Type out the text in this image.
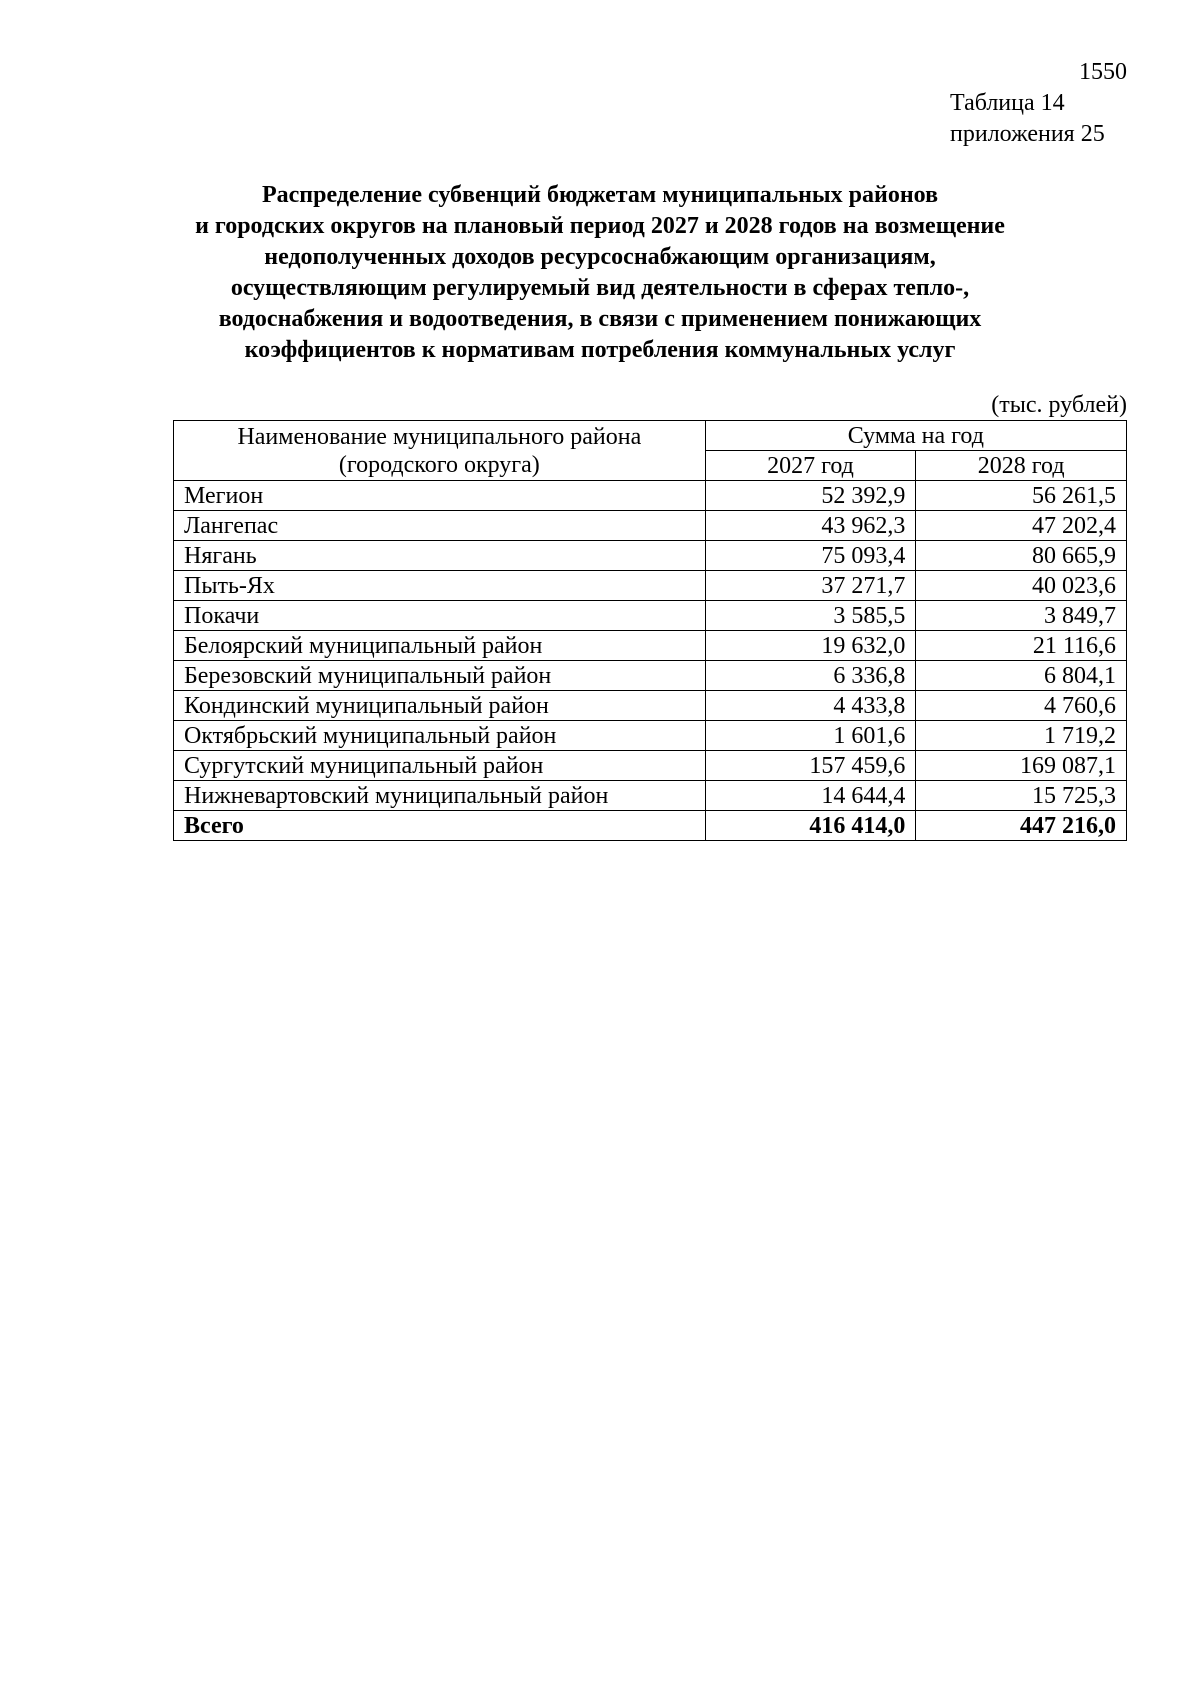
1550
Таблица 14
приложения 25
Распределение субвенций бюджетам муниципальных районов
и городских округов на плановый период 2027 и 2028 годов на возмещение
недополученных доходов ресурсоснабжающим организациям,
осуществляющим регулируемый вид деятельности в сферах тепло-,
водоснабжения и водоотведения, в связи с применением понижающих
коэффициентов к нормативам потребления коммунальных услуг
(тыс. рублей)
Наименование муниципального района
(городского округа)	Сумма на год	
	2027 год	2028 год
Мегион	52 392,9	56 261,5
Лангепас	43 962,3	47 202,4
Нягань	75 093,4	80 665,9
Пыть-Ях	37 271,7	40 023,6
Покачи	3 585,5	3 849,7
Белоярский муниципальный район	19 632,0	21 116,6
Березовский муниципальный район	6 336,8	6 804,1
Кондинский муниципальный район	4 433,8	4 760,6
Октябрьский муниципальный район	1 601,6	1 719,2
Сургутский муниципальный район	157 459,6	169 087,1
Нижневартовский муниципальный район	14 644,4	15 725,3
Всего	416 414,0	447 216,0
